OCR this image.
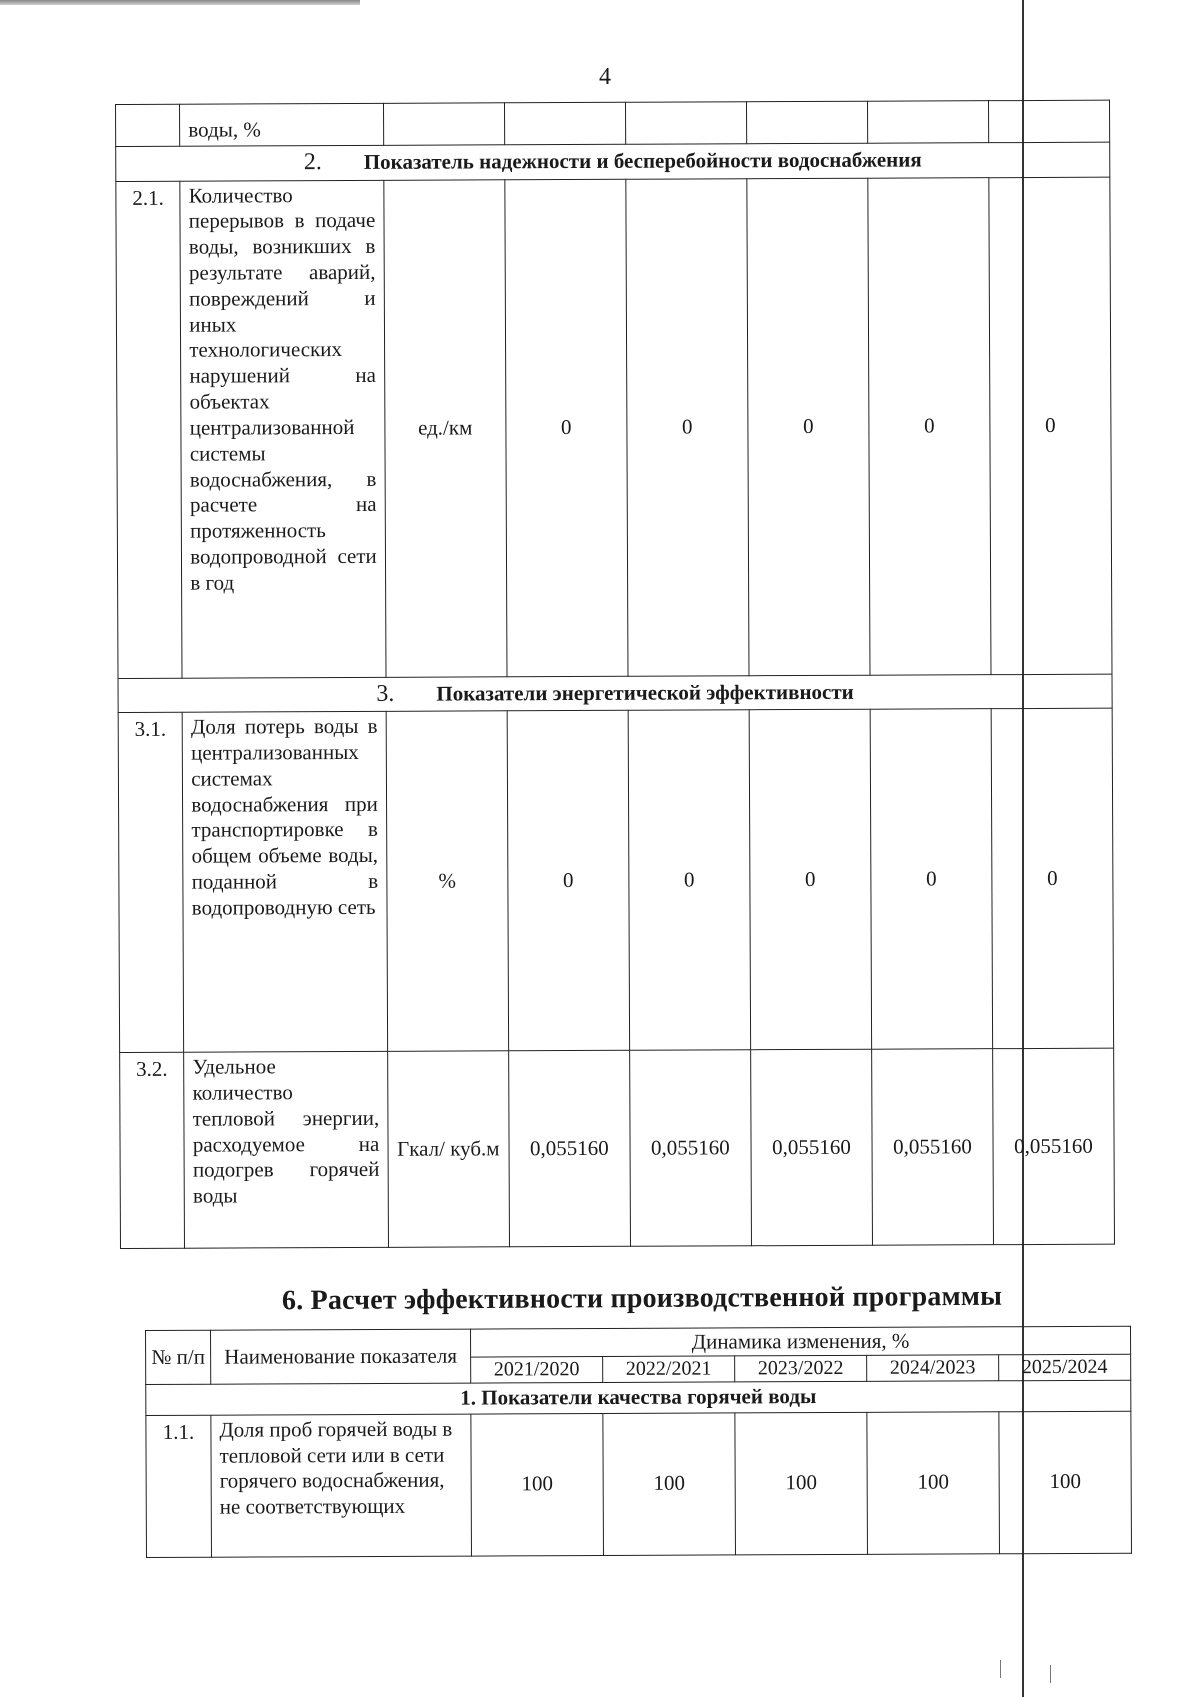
4
	воды, %						
2. Показатель надежности и бесперебойности водоснабжения							
2.1.	Количество перерывов в подаче воды, возникших в результате аварий, повреждений и иных технологических нарушений на объектах централизованной системы водоснабжения, в расчете на протяженность водопроводной сети в год	ед./км	0	0	0	0	0
3. Показатели энергетической эффективности							
3.1.	Доля потерь воды в централизованных системах водоснабжения при транспортировке в общем объеме воды, поданной в водопроводную сеть	%	0	0	0	0	0
3.2.	Удельное количество тепловой энергии, расходуемое на подогрев горячей воды	Гкал/ куб.м	0,055160	0,055160	0,055160	0,055160	0,055160
6. Расчет эффективности производственной программы
№ п/п	Наименование показателя	Динамика изменения, %				
		2021/2020	2022/2021	2023/2022	2024/2023	2025/2024
1. Показатели качества горячей воды						
1.1.	Доля проб горячей воды в тепловой сети или в сети горячего водоснабжения, не соответствующих	100	100	100	100	100
